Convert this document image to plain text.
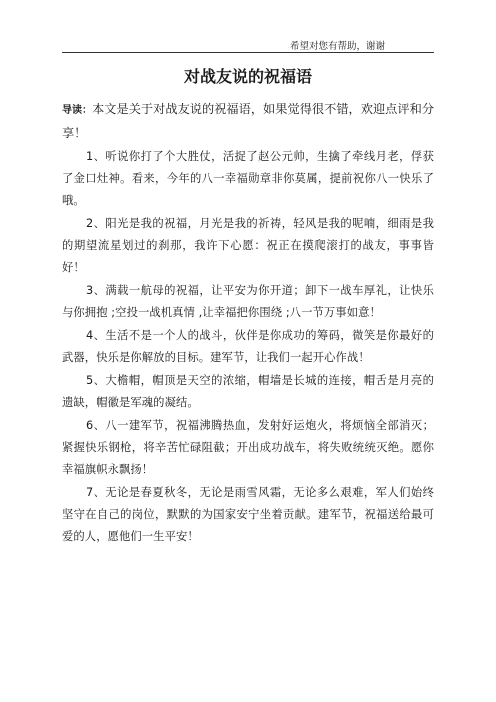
希望对您有帮助，谢谢
对战友说的祝福语

导读：本文是关于对战友说的祝福语，如果觉得很不错，欢迎点评和分享！

1、听说你打了个大胜仗，活捉了赵公元帅，生擒了牵线月老，俘获了金口灶神。看来，今年的八一幸福勋章非你莫属，提前祝你八一快乐了哦。

2、阳光是我的祝福，月光是我的祈祷，轻风是我的呢喃，细雨是我的期望流星划过的刹那，我许下心愿：祝正在摸爬滚打的战友，事事皆好！

3、满载一航母的祝福，让平安为你开道；卸下一战车厚礼，让快乐与你拥抱 ;空投一战机真情 ,让幸福把你围绕 ;八一节万事如意！

4、生活不是一个人的战斗，伙伴是你成功的筹码，微笑是你最好的武器，快乐是你解放的目标。建军节，让我们一起开心作战！

5、大檐帽，帽顶是天空的浓缩，帽墙是长城的连接，帽舌是月亮的遗缺，帽徽是军魂的凝结。

6、八一建军节，祝福沸腾热血，发射好运炮火，将烦恼全部消灭；紧握快乐钢枪，将辛苦忙碌阻截；开出成功战车，将失败统统灭绝。愿你幸福旗帜永飘扬！

7、无论是春夏秋冬，无论是雨雪风霜，无论多么艰难，军人们始终坚守在自己的岗位，默默的为国家安宁坐着贡献。建军节，祝福送给最可爱的人，愿他们一生平安！
